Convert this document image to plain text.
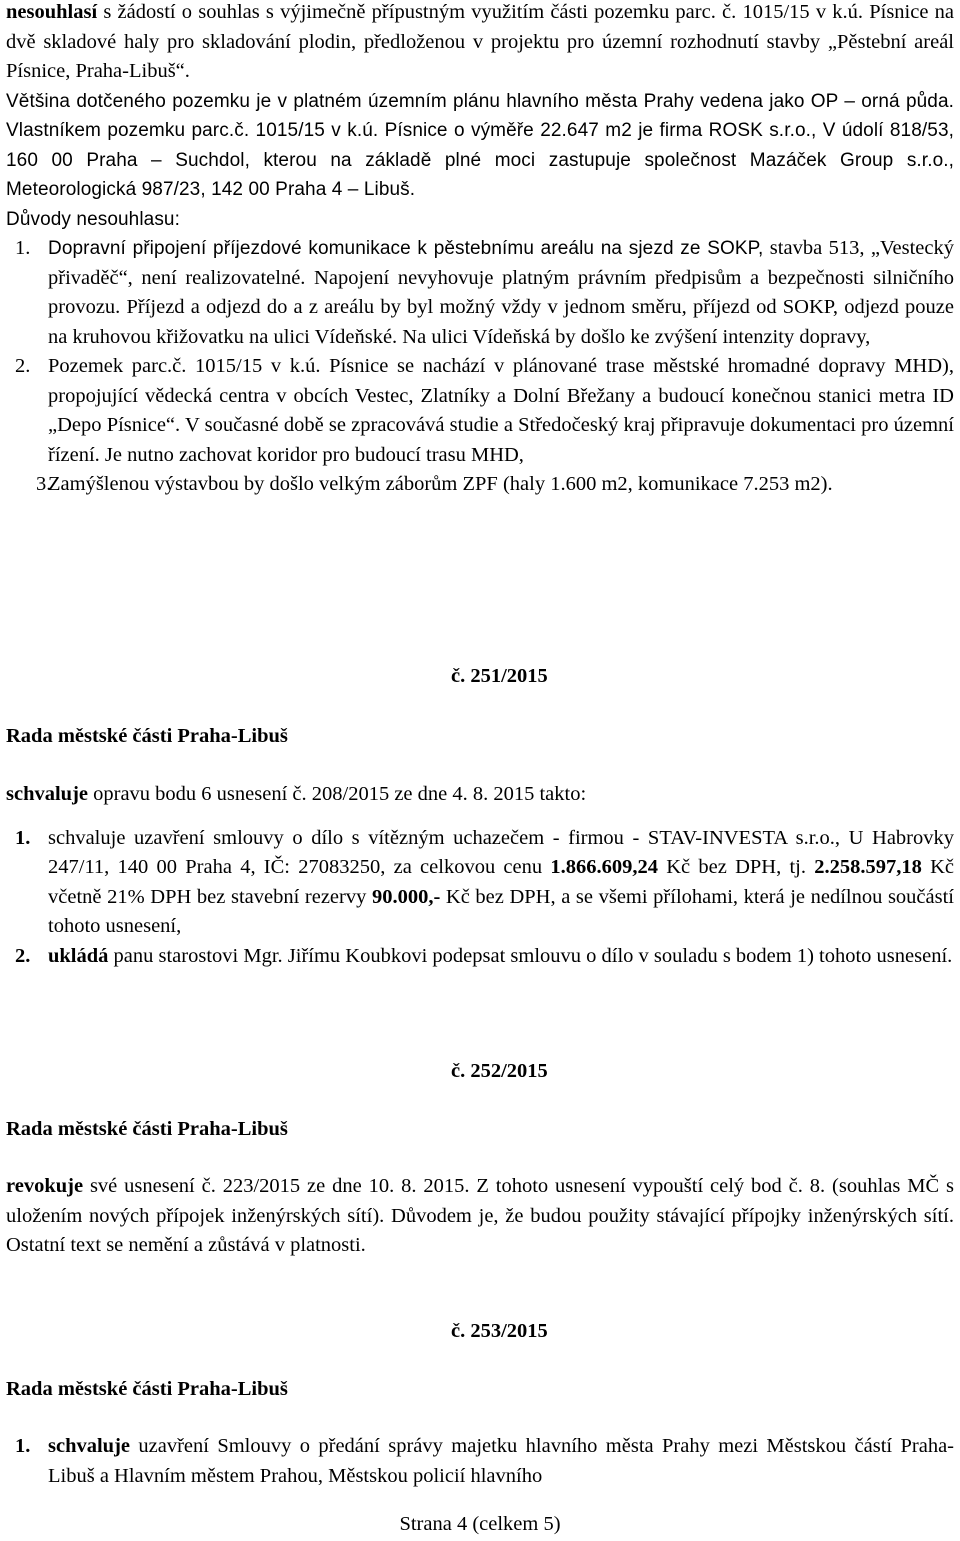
nesouhlasí s žádostí o souhlas s výjimečně přípustným využitím části pozemku parc. č. 1015/15 v k.ú. Písnice na dvě skladové haly pro skladování plodin, předloženou v projektu pro územní rozhodnutí stavby „Pěstební areál Písnice, Praha-Libuš“.

Většina dotčeného pozemku je v platném územním plánu hlavního města Prahy vedena jako OP – orná půda. Vlastníkem pozemku parc.č. 1015/15 v k.ú. Písnice o výměře 22.647 m2 je firma ROSK s.r.o., V údolí 818/53, 160 00 Praha – Suchdol, kterou na základě plné moci zastupuje společnost Mazáček Group s.r.o., Meteorologická 987/23, 142 00 Praha 4 – Libuš.

Důvody nesouhlasu:

1. Dopravní připojení příjezdové komunikace k pěstebnímu areálu na sjezd ze SOKP, stavba 513, „Vestecký přivaděč“, není realizovatelné. Napojení nevyhovuje platným právním předpisům a bezpečnosti silničního provozu. Příjezd a odjezd do a z areálu by byl možný vždy v jednom směru, příjezd od SOKP, odjezd pouze na kruhovou křižovatku na ulici Vídeňské. Na ulici Vídeňská by došlo ke zvýšení intenzity dopravy,
2. Pozemek parc.č. 1015/15 v k.ú. Písnice se nachází v plánované trase městské hromadné dopravy MHD), propojující vědecká centra v obcích Vestec, Zlatníky a Dolní Břežany a budoucí konečnou stanici metra ID „Depo Písnice“. V současné době se zpracovává studie a Středočeský kraj připravuje dokumentaci pro územní řízení. Je nutno zachovat koridor pro budoucí trasu MHD,
3.
Zamýšlenou výstavbou by došlo velkým záborům ZPF (haly 1.600 m2, komunikace 7.253 m2).
č. 251/2015
Rada městské části Praha-Libuš

schvaluje opravu bodu 6 usnesení č. 208/2015 ze dne 4. 8. 2015 takto:

1. schvaluje uzavření smlouvy o dílo s vítězným uchazečem - firmou - STAV-INVESTA s.r.o., U Habrovky 247/11, 140 00 Praha 4, IČ: 27083250, za celkovou cenu 1.866.609,24 Kč bez DPH, tj. 2.258.597,18 Kč včetně 21% DPH bez stavební rezervy 90.000,- Kč bez DPH, a se všemi přílohami, která je nedílnou součástí tohoto usnesení,
2. ukládá panu starostovi Mgr. Jiřímu Koubkovi podepsat smlouvu o dílo v souladu s bodem 1) tohoto usnesení.
č. 252/2015
Rada městské části Praha-Libuš

revokuje své usnesení č. 223/2015 ze dne 10. 8. 2015. Z tohoto usnesení vypouští celý bod č. 8. (souhlas MČ s uložením nových přípojek inženýrských sítí). Důvodem je, že budou použity stávající přípojky inženýrských sítí. Ostatní text se nemění a zůstává v platnosti.

č. 253/2015
Rada městské části Praha-Libuš
1. schvaluje uzavření Smlouvy o předání správy majetku hlavního města Prahy mezi Městskou částí Praha-Libuš a Hlavním městem Prahou, Městskou policií hlavního
Strana 4 (celkem 5)
